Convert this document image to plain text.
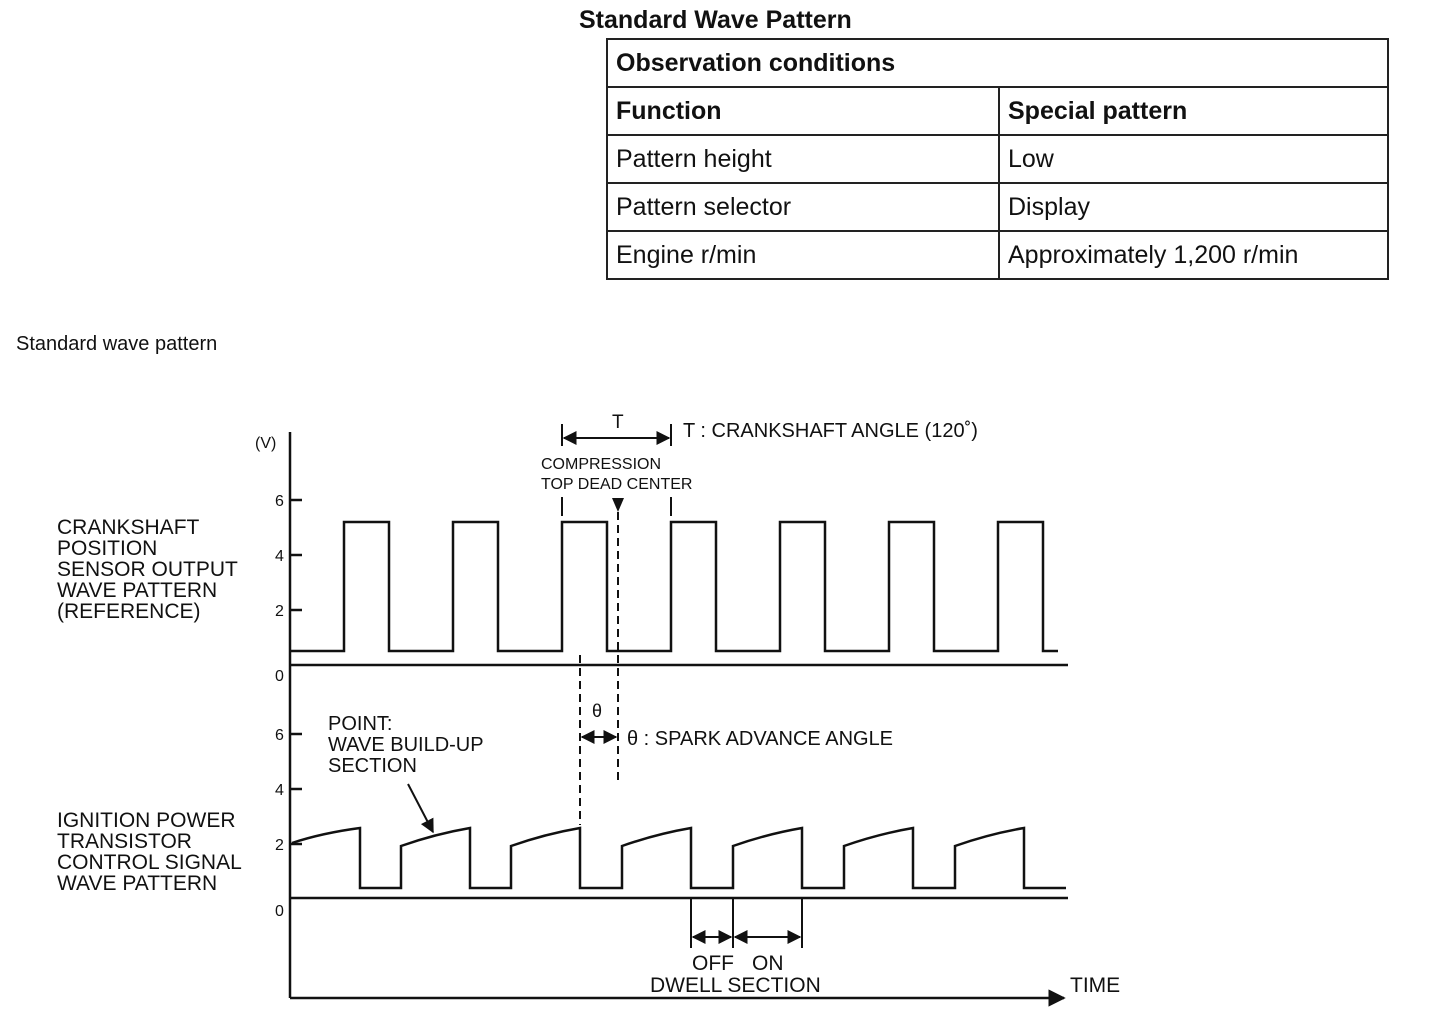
Standard Wave Pattern
Observation conditions	
Function	Special pattern
Pattern height	Low
Pattern selector	Display
Engine r/min	Approximately 1,200 r/min
Standard wave pattern
(V)
6
4
2
0
6
4
2
0
CRANKSHAFT
POSITION
SENSOR OUTPUT
WAVE PATTERN
(REFERENCE)
IGNITION POWER
TRANSISTOR
CONTROL SIGNAL
WAVE PATTERN
T	T : CRANKSHAFT ANGLE (120˚)
COMPRESSION
TOP DEAD CENTER
θ
θ : SPARK ADVANCE ANGLE
POINT:
WAVE BUILD-UP
SECTION
OFF ON
DWELL SECTION	TIME
